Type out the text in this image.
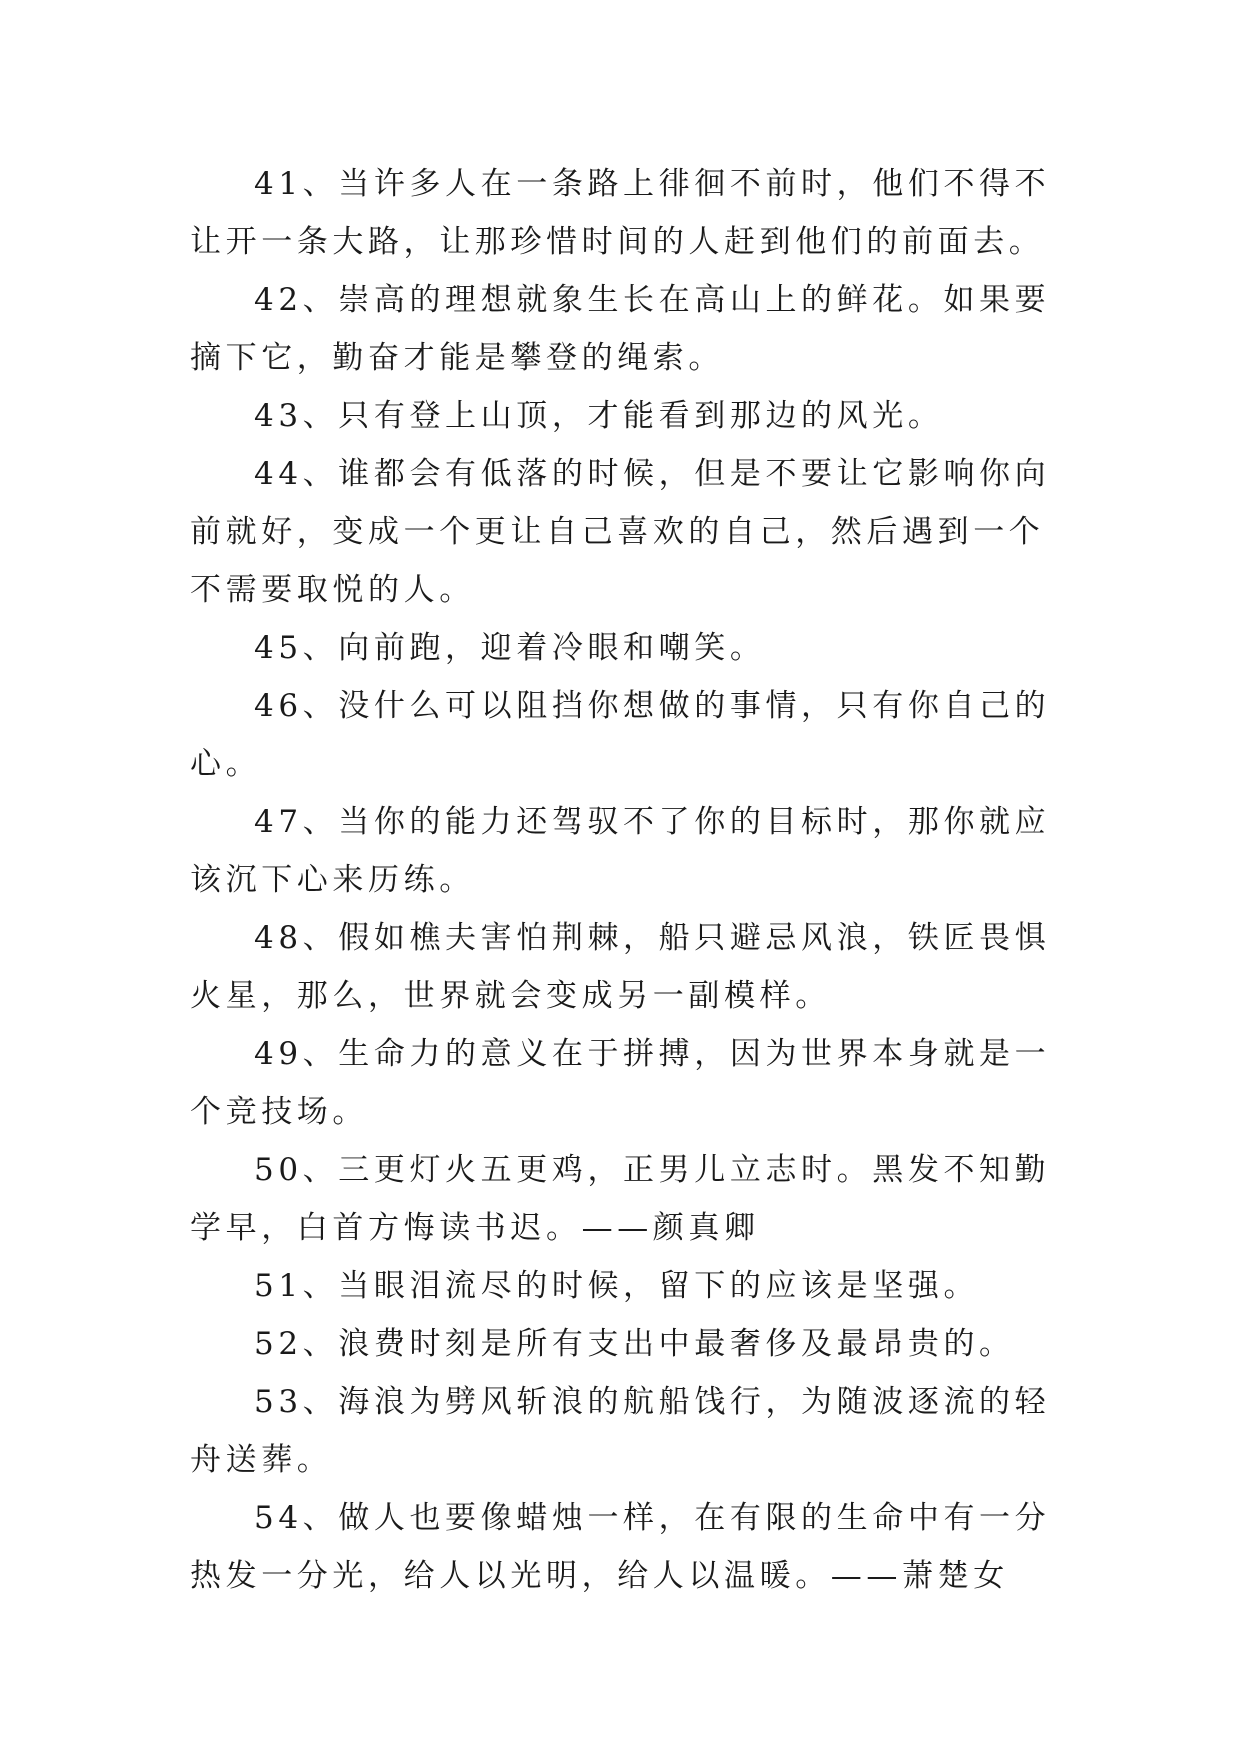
41、当许多人在一条路上徘徊不前时，他们不得不让开一条大路，让那珍惜时间的人赶到他们的前面去。

42、崇高的理想就象生长在高山上的鲜花。如果要摘下它，勤奋才能是攀登的绳索。

43、只有登上山顶，才能看到那边的风光。

44、谁都会有低落的时候，但是不要让它影响你向前就好，变成一个更让自己喜欢的自己，然后遇到一个不需要取悦的人。

45、向前跑，迎着冷眼和嘲笑。

46、没什么可以阻挡你想做的事情，只有你自己的心。

47、当你的能力还驾驭不了你的目标时，那你就应该沉下心来历练。

48、假如樵夫害怕荆棘，船只避忌风浪，铁匠畏惧火星，那么，世界就会变成另一副模样。

49、生命力的意义在于拼搏，因为世界本身就是一个竞技场。

50、三更灯火五更鸡，正男儿立志时。黑发不知勤学早，白首方悔读书迟。——颜真卿

51、当眼泪流尽的时候，留下的应该是坚强。

52、浪费时刻是所有支出中最奢侈及最昂贵的。

53、海浪为劈风斩浪的航船饯行，为随波逐流的轻舟送葬。

54、做人也要像蜡烛一样，在有限的生命中有一分热发一分光，给人以光明，给人以温暖。——萧楚女
